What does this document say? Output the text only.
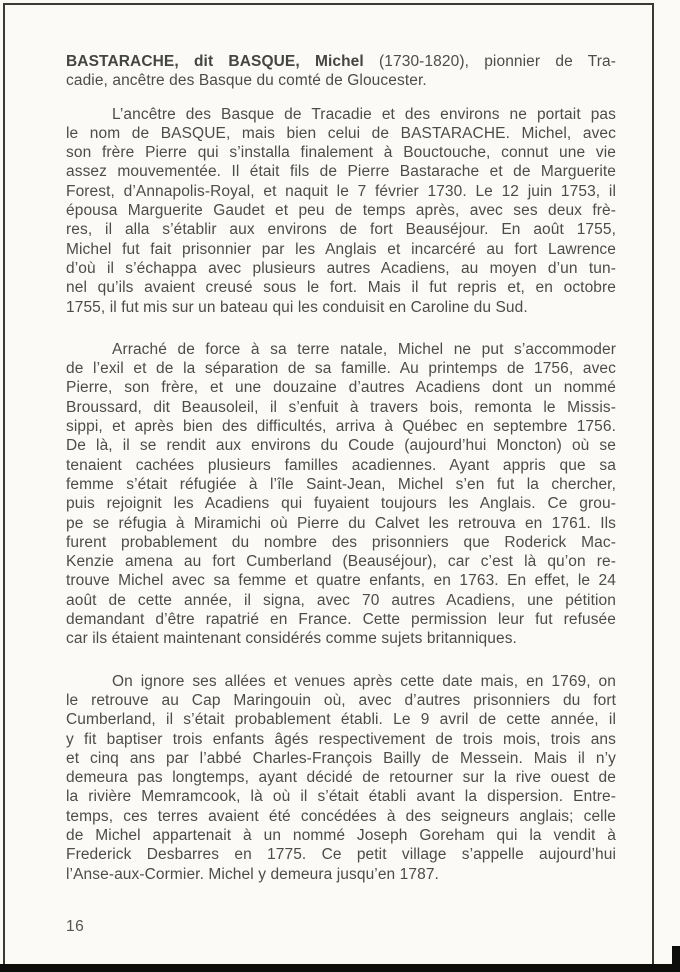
BASTARACHE, dit BASQUE, Michel (1730-1820), pionnier de Tra-
cadie, ancêtre des Basque du comté de Gloucester.
L’ancêtre des Basque de Tracadie et des environs ne portait pas
le nom de BASQUE, mais bien celui de BASTARACHE. Michel, avec
son frère Pierre qui s’installa finalement à Bouctouche, connut une vie
assez mouvementée. Il était fils de Pierre Bastarache et de Marguerite
Forest, d’Annapolis-Royal, et naquit le 7 février 1730. Le 12 juin 1753, il
épousa Marguerite Gaudet et peu de temps après, avec ses deux frè-
res, il alla s’établir aux environs de fort Beauséjour. En août 1755,
Michel fut fait prisonnier par les Anglais et incarcéré au fort Lawrence
d’où il s’échappa avec plusieurs autres Acadiens, au moyen d’un tun-
nel qu’ils avaient creusé sous le fort. Mais il fut repris et, en octobre
1755, il fut mis sur un bateau qui les conduisit en Caroline du Sud.
Arraché de force à sa terre natale, Michel ne put s’accommoder
de l’exil et de la séparation de sa famille. Au printemps de 1756, avec
Pierre, son frère, et une douzaine d’autres Acadiens dont un nommé
Broussard, dit Beausoleil, il s’enfuit à travers bois, remonta le Missis-
sippi, et après bien des difficultés, arriva à Québec en septembre 1756.
De là, il se rendit aux environs du Coude (aujourd’hui Moncton) où se
tenaient cachées plusieurs familles acadiennes. Ayant appris que sa
femme s’était réfugiée à l’île Saint-Jean, Michel s’en fut la chercher,
puis rejoignit les Acadiens qui fuyaient toujours les Anglais. Ce grou-
pe se réfugia à Miramichi où Pierre du Calvet les retrouva en 1761. Ils
furent probablement du nombre des prisonniers que Roderick Mac-
Kenzie amena au fort Cumberland (Beauséjour), car c’est là qu’on re-
trouve Michel avec sa femme et quatre enfants, en 1763. En effet, le 24
août de cette année, il signa, avec 70 autres Acadiens, une pétition
demandant d’être rapatrié en France. Cette permission leur fut refusée
car ils étaient maintenant considérés comme sujets britanniques.
On ignore ses allées et venues après cette date mais, en 1769, on
le retrouve au Cap Maringouin où, avec d’autres prisonniers du fort
Cumberland, il s’était probablement établi. Le 9 avril de cette année, il
y fit baptiser trois enfants âgés respectivement de trois mois, trois ans
et cinq ans par l’abbé Charles-François Bailly de Messein. Mais il n’y
demeura pas longtemps, ayant décidé de retourner sur la rive ouest de
la rivière Memramcook, là où il s’était établi avant la dispersion. Entre-
temps, ces terres avaient été concédées à des seigneurs anglais; celle
de Michel appartenait à un nommé Joseph Goreham qui la vendit à
Frederick Desbarres en 1775. Ce petit village s’appelle aujourd’hui
l’Anse-aux-Cormier. Michel y demeura jusqu’en 1787.
16
